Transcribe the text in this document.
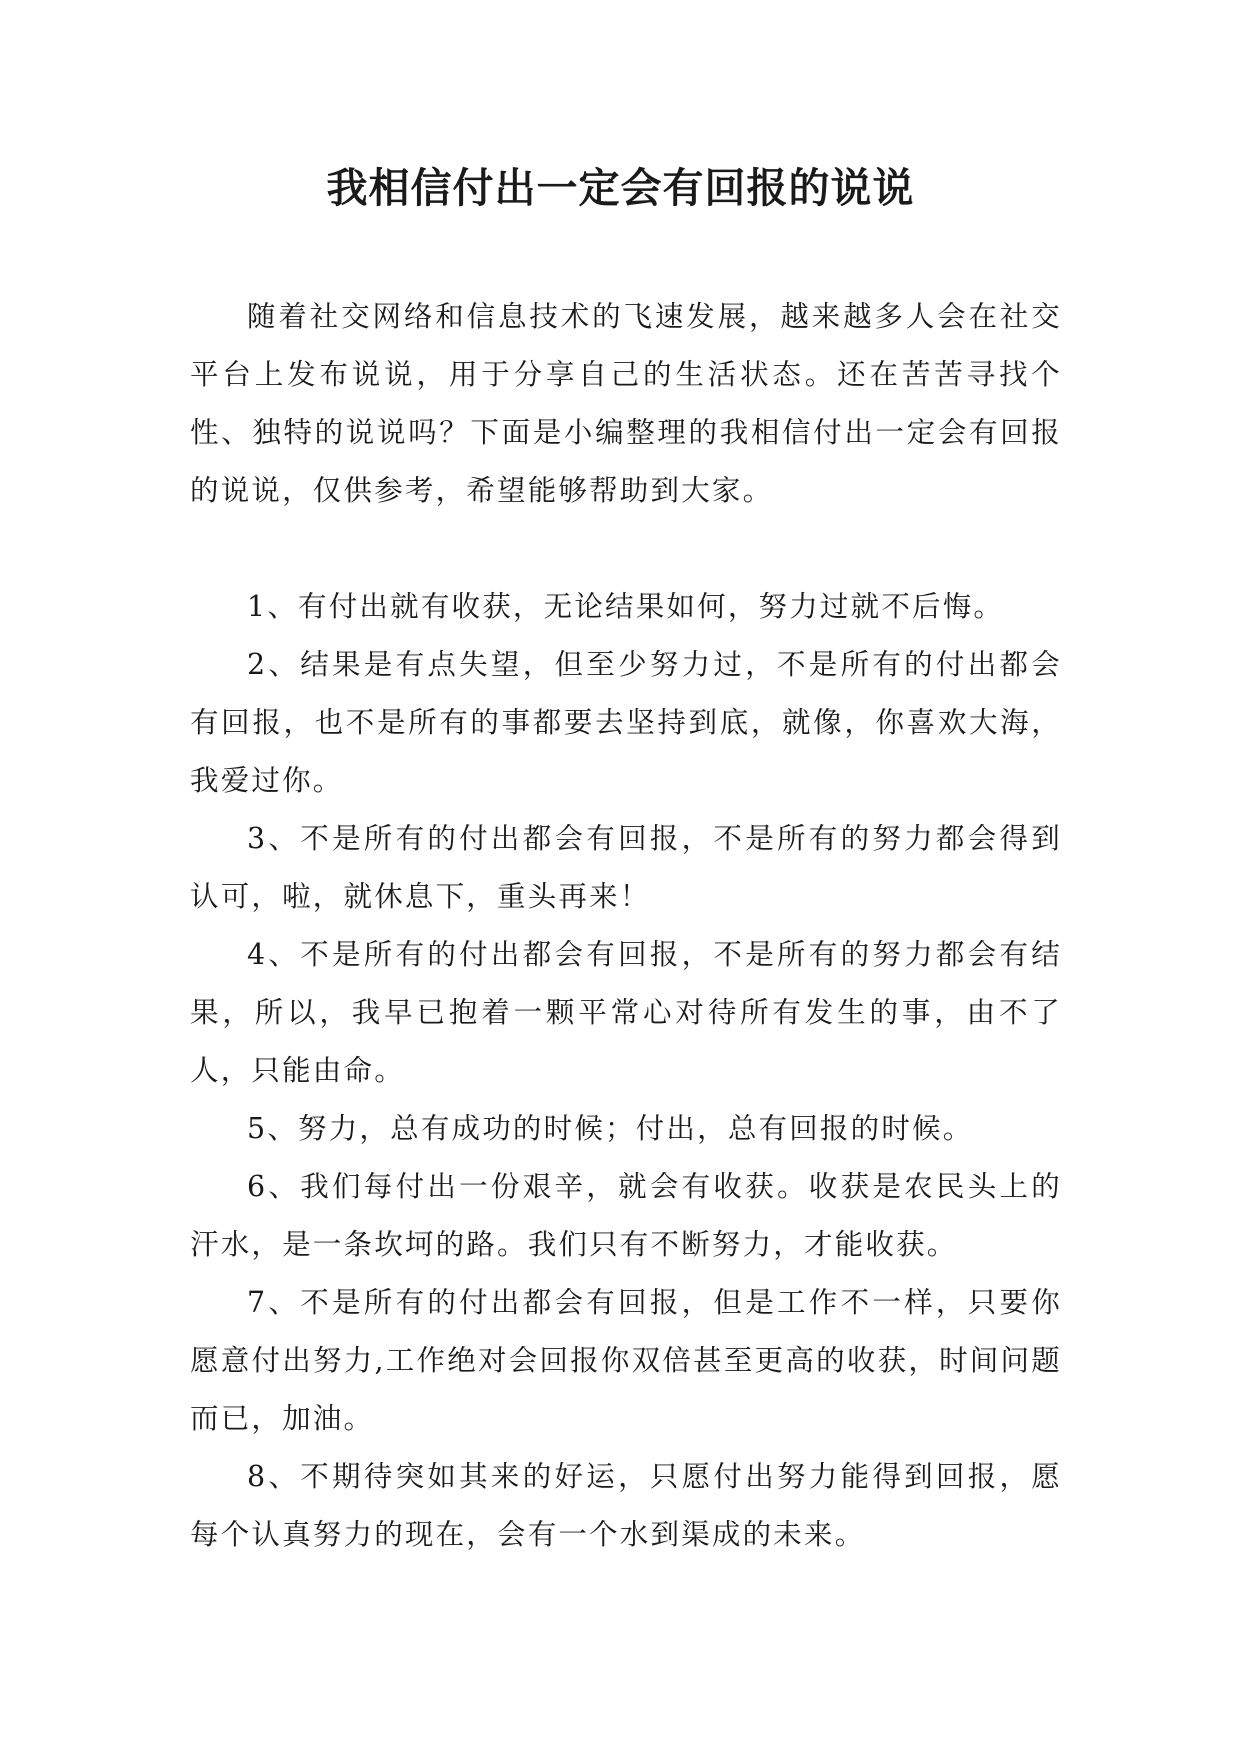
我相信付出一定会有回报的说说

随着社交网络和信息技术的飞速发展，越来越多人会在社交平台上发布说说，用于分享自己的生活状态。还在苦苦寻找个性、独特的说说吗？下面是小编整理的我相信付出一定会有回报的说说，仅供参考，希望能够帮助到大家。

1、有付出就有收获，无论结果如何，努力过就不后悔。

2、结果是有点失望，但至少努力过，不是所有的付出都会有回报，也不是所有的事都要去坚持到底，就像，你喜欢大海，我爱过你。

3、不是所有的付出都会有回报，不是所有的努力都会得到认可，啦，就休息下，重头再来！

4、不是所有的付出都会有回报，不是所有的努力都会有结果，所以，我早已抱着一颗平常心对待所有发生的事，由不了人，只能由命。

5、努力，总有成功的时候；付出，总有回报的时候。

6、我们每付出一份艰辛，就会有收获。收获是农民头上的汗水，是一条坎坷的路。我们只有不断努力，才能收获。

7、不是所有的付出都会有回报，但是工作不一样，只要你愿意付出努力,工作绝对会回报你双倍甚至更高的收获，时间问题而已，加油。

8、不期待突如其来的好运，只愿付出努力能得到回报，愿每个认真努力的现在，会有一个水到渠成的未来。
